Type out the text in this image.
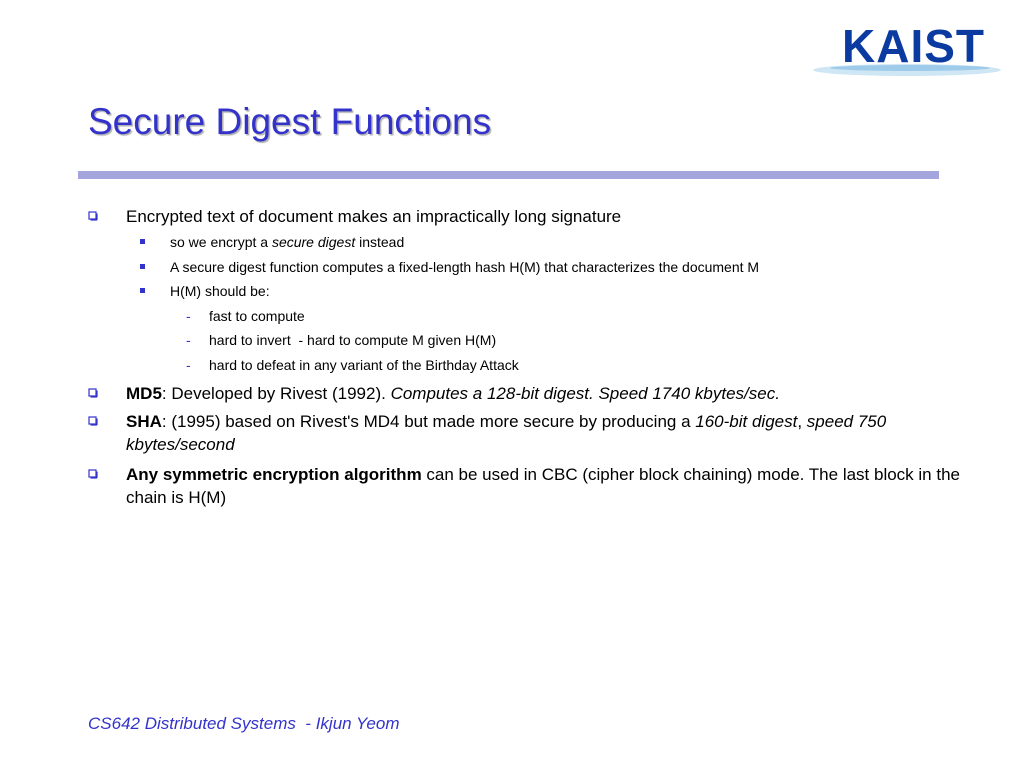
KAIST
Secure Digest Functions
Encrypted text of document makes an impractically long signature
so we encrypt a secure digest instead
A secure digest function computes a fixed-length hash H(M) that characterizes the document M
H(M) should be:
- fast to compute
- hard to invert  - hard to compute M given H(M)
- hard to defeat in any variant of the Birthday Attack
MD5: Developed by Rivest (1992). Computes a 128-bit digest. Speed 1740 kbytes/sec.
SHA: (1995) based on Rivest's MD4 but made more secure by producing a 160-bit digest, speed 750 kbytes/second
Any symmetric encryption algorithm can be used in CBC (cipher block chaining) mode. The last block in the chain is H(M)
CS642 Distributed Systems  - Ikjun Yeom
